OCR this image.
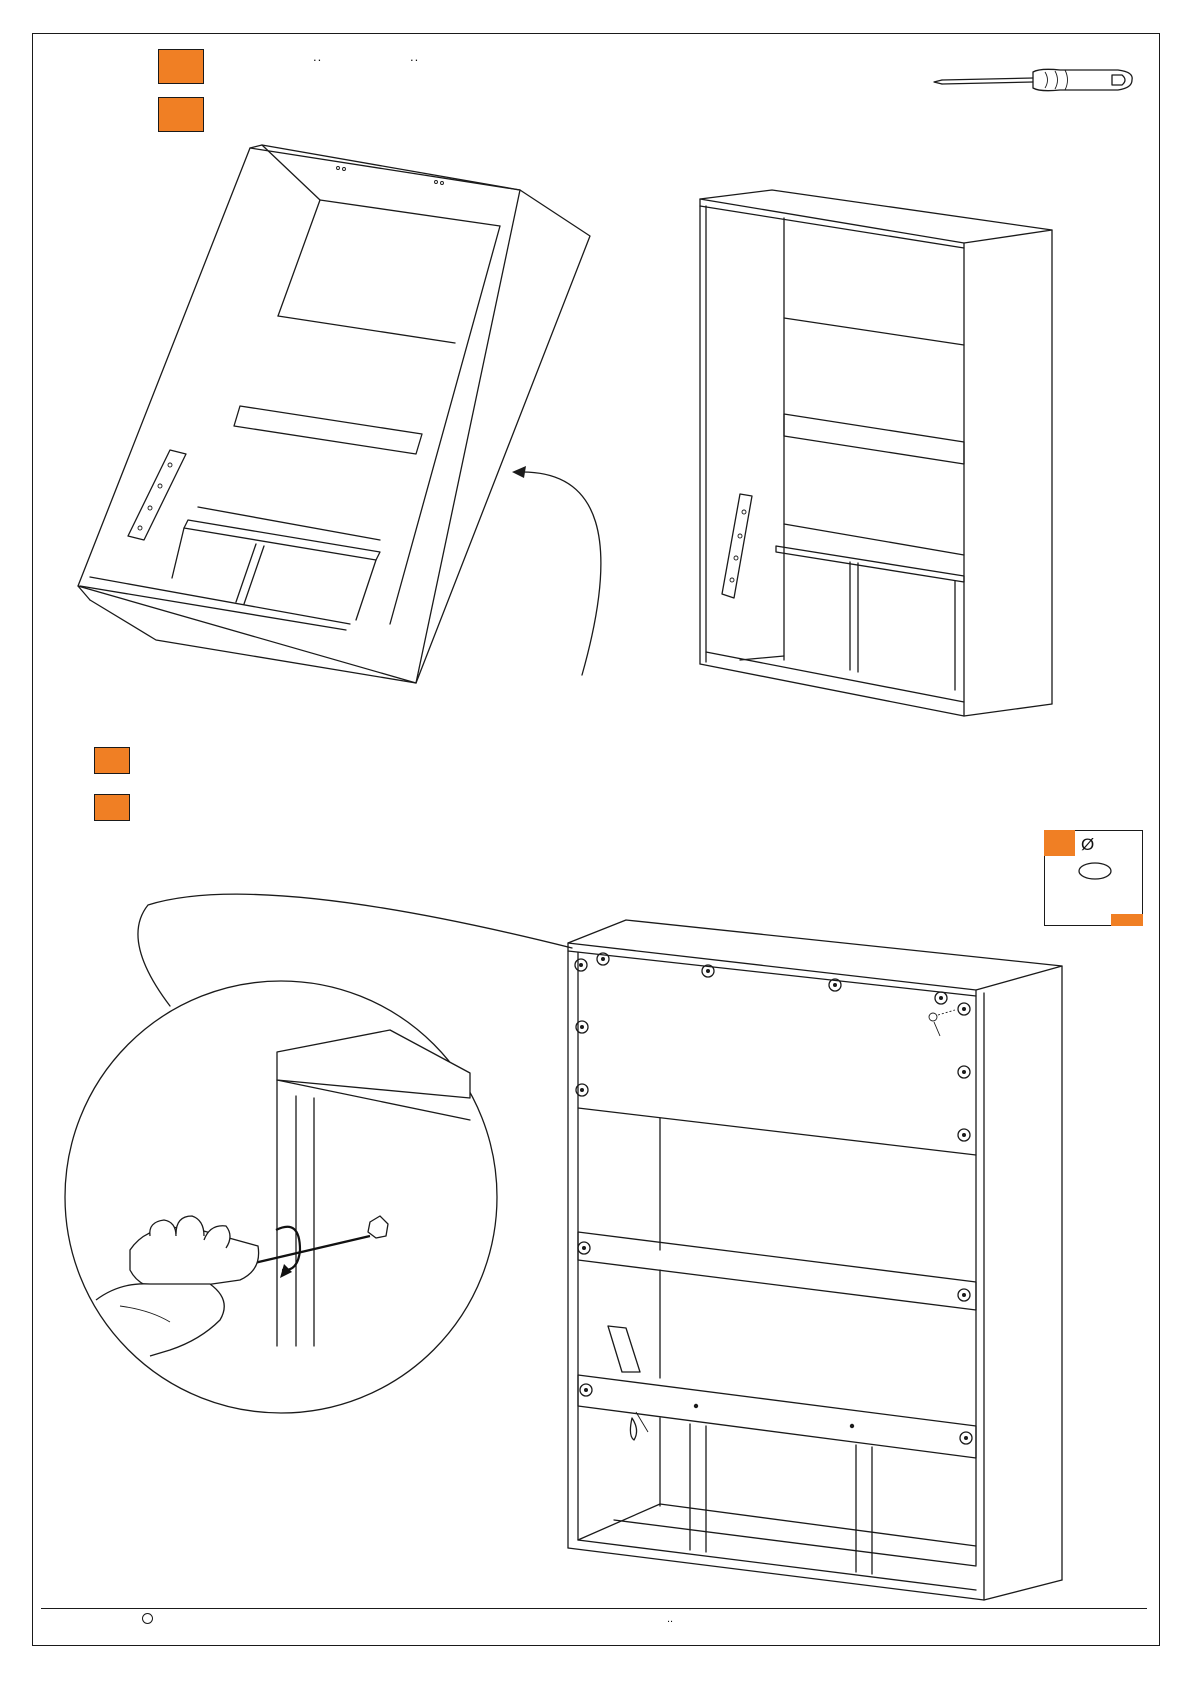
..	..
Ø
..
